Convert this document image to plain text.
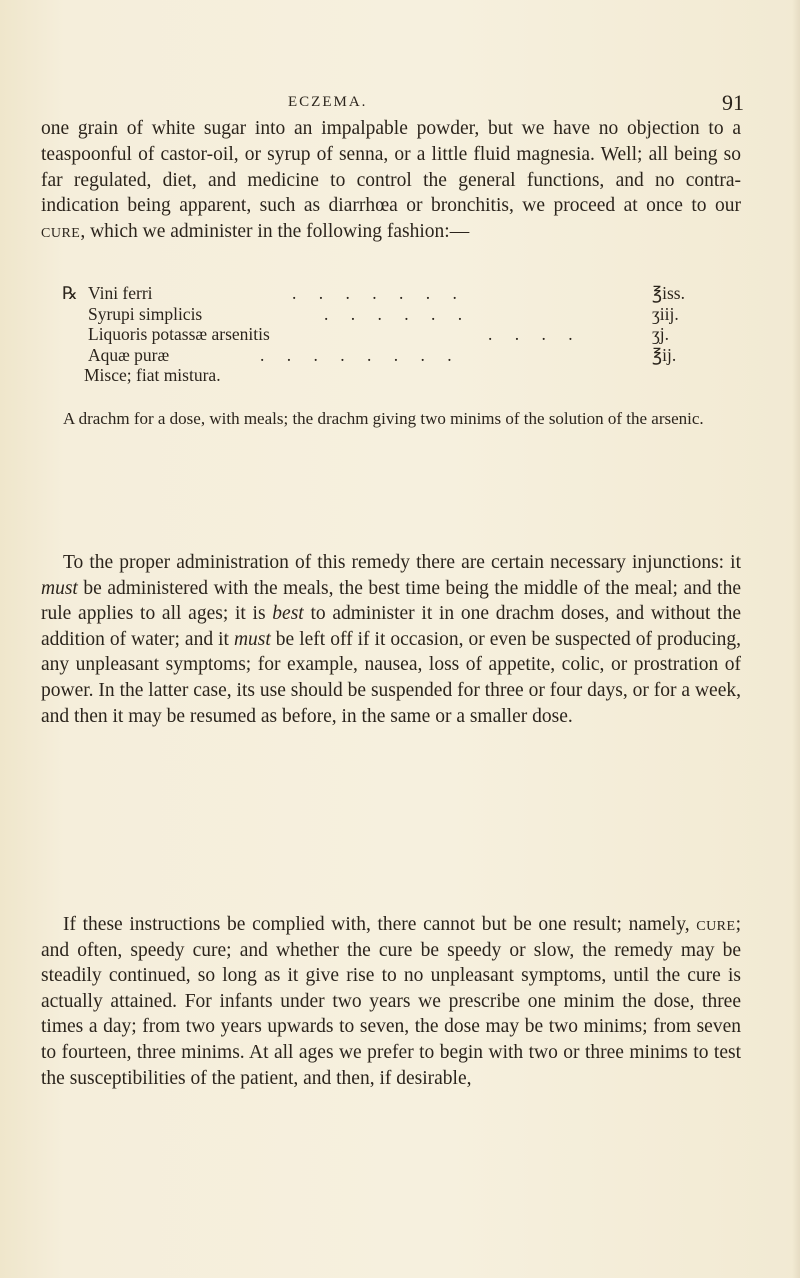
ECZEMA.	91

one grain of white sugar into an impalpable powder, but we have no objection to a teaspoonful of castor-oil, or syrup of senna, or a little fluid magnesia. Well; all being so far regulated, diet, and medicine to control the general functions, and no contra-indication being apparent, such as diarrhœa or bronchitis, we proceed at once to our cure, which we administer in the following fashion:—

℞ Vini ferri	. . . . . . .	℥iss.
Syrupi simplicis	. . . . . .	ʒiij.
Liquoris potassæ arsenitis	. . . .	ʒj.
Aquæ puræ	. . . . . . . .	℥ij.
Misce; fiat mistura.

A drachm for a dose, with meals; the drachm giving two minims of the solution of the arsenic.

To the proper administration of this remedy there are certain necessary injunctions: it must be administered with the meals, the best time being the middle of the meal; and the rule applies to all ages; it is best to administer it in one drachm doses, and without the addition of water; and it must be left off if it occasion, or even be suspected of producing, any unpleasant symptoms; for example, nausea, loss of appetite, colic, or prostration of power. In the latter case, its use should be suspended for three or four days, or for a week, and then it may be resumed as before, in the same or a smaller dose.

If these instructions be complied with, there cannot but be one result; namely, cure; and often, speedy cure; and whether the cure be speedy or slow, the remedy may be steadily continued, so long as it give rise to no unpleasant symptoms, until the cure is actually attained. For infants under two years we prescribe one minim the dose, three times a day; from two years upwards to seven, the dose may be two minims; from seven to fourteen, three minims. At all ages we prefer to begin with two or three minims to test the susceptibilities of the patient, and then, if desirable,
